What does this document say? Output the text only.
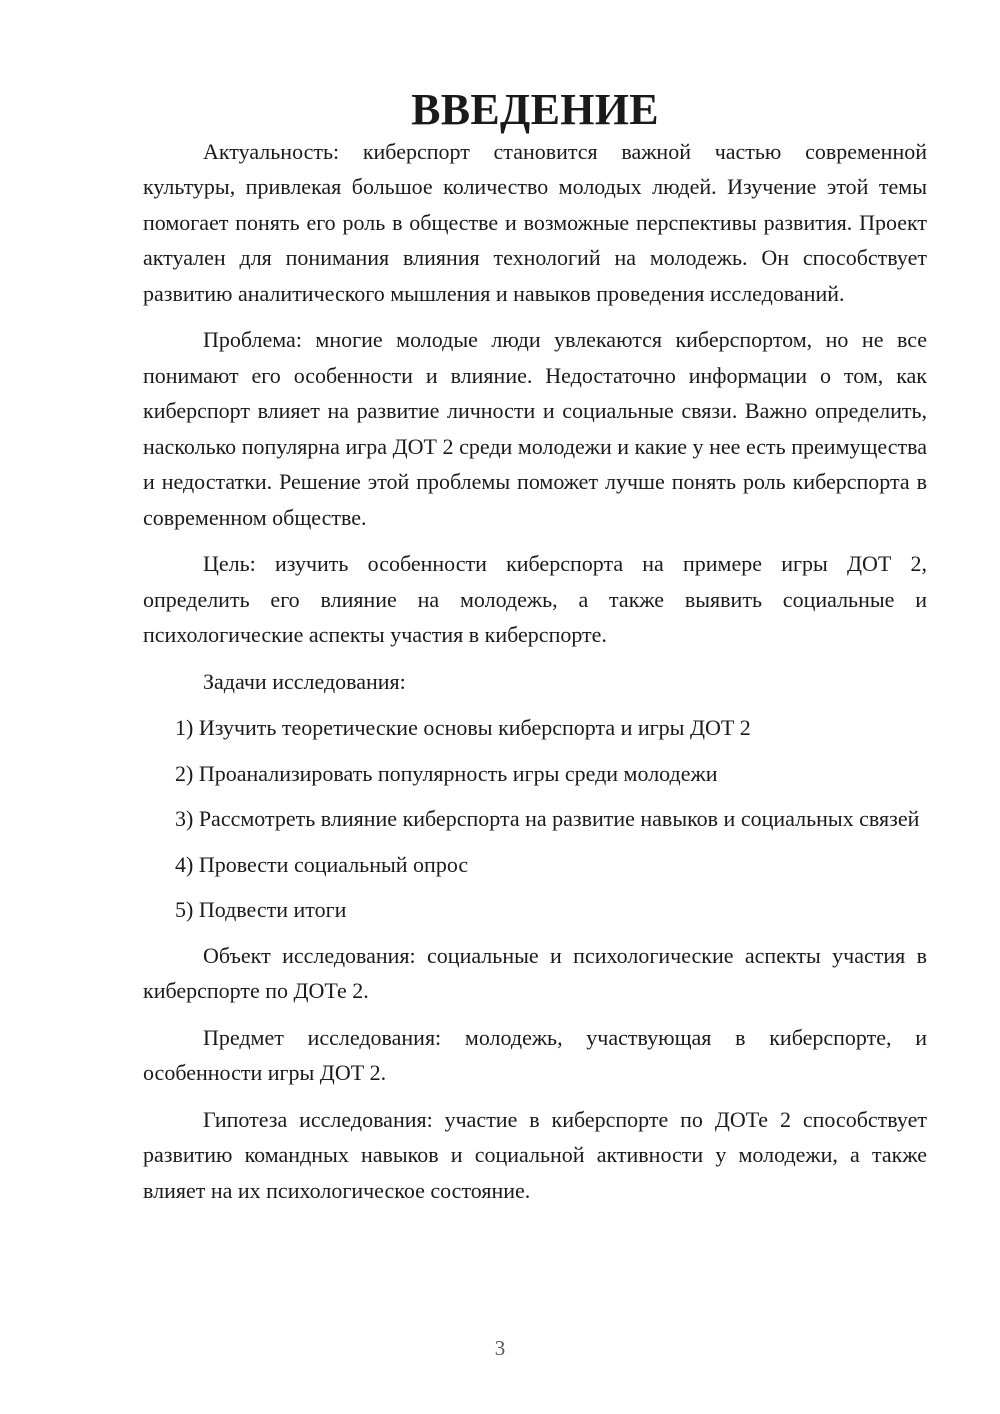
ВВЕДЕНИЕ

Актуальность: киберспорт становится важной частью современной культуры, привлекая большое количество молодых людей. Изучение этой темы помогает понять его роль в обществе и возможные перспективы развития. Проект актуален для понимания влияния технологий на молодежь. Он способствует развитию аналитического мышления и навыков проведения исследований.

Проблема: многие молодые люди увлекаются киберспортом, но не все понимают его особенности и влияние. Недостаточно информации о том, как киберспорт влияет на развитие личности и социальные связи. Важно определить, насколько популярна игра ДОТ 2 среди молодежи и какие у нее есть преимущества и недостатки. Решение этой проблемы поможет лучше понять роль киберспорта в современном обществе.

Цель: изучить особенности киберспорта на примере игры ДОТ 2, определить его влияние на молодежь, а также выявить социальные и психологические аспекты участия в киберспорте.

Задачи исследования:

1) Изучить теоретические основы киберспорта и игры ДОТ 2

2) Проанализировать популярность игры среди молодежи

3) Рассмотреть влияние киберспорта на развитие навыков и социальных связей

4) Провести социальный опрос

5) Подвести итоги

Объект исследования: социальные и психологические аспекты участия в киберспорте по ДОТе 2.

Предмет исследования: молодежь, участвующая в киберспорте, и особенности игры ДОТ 2.

Гипотеза исследования: участие в киберспорте по ДОТе 2 способствует развитию командных навыков и социальной активности у молодежи, а также влияет на их психологическое состояние.

3
